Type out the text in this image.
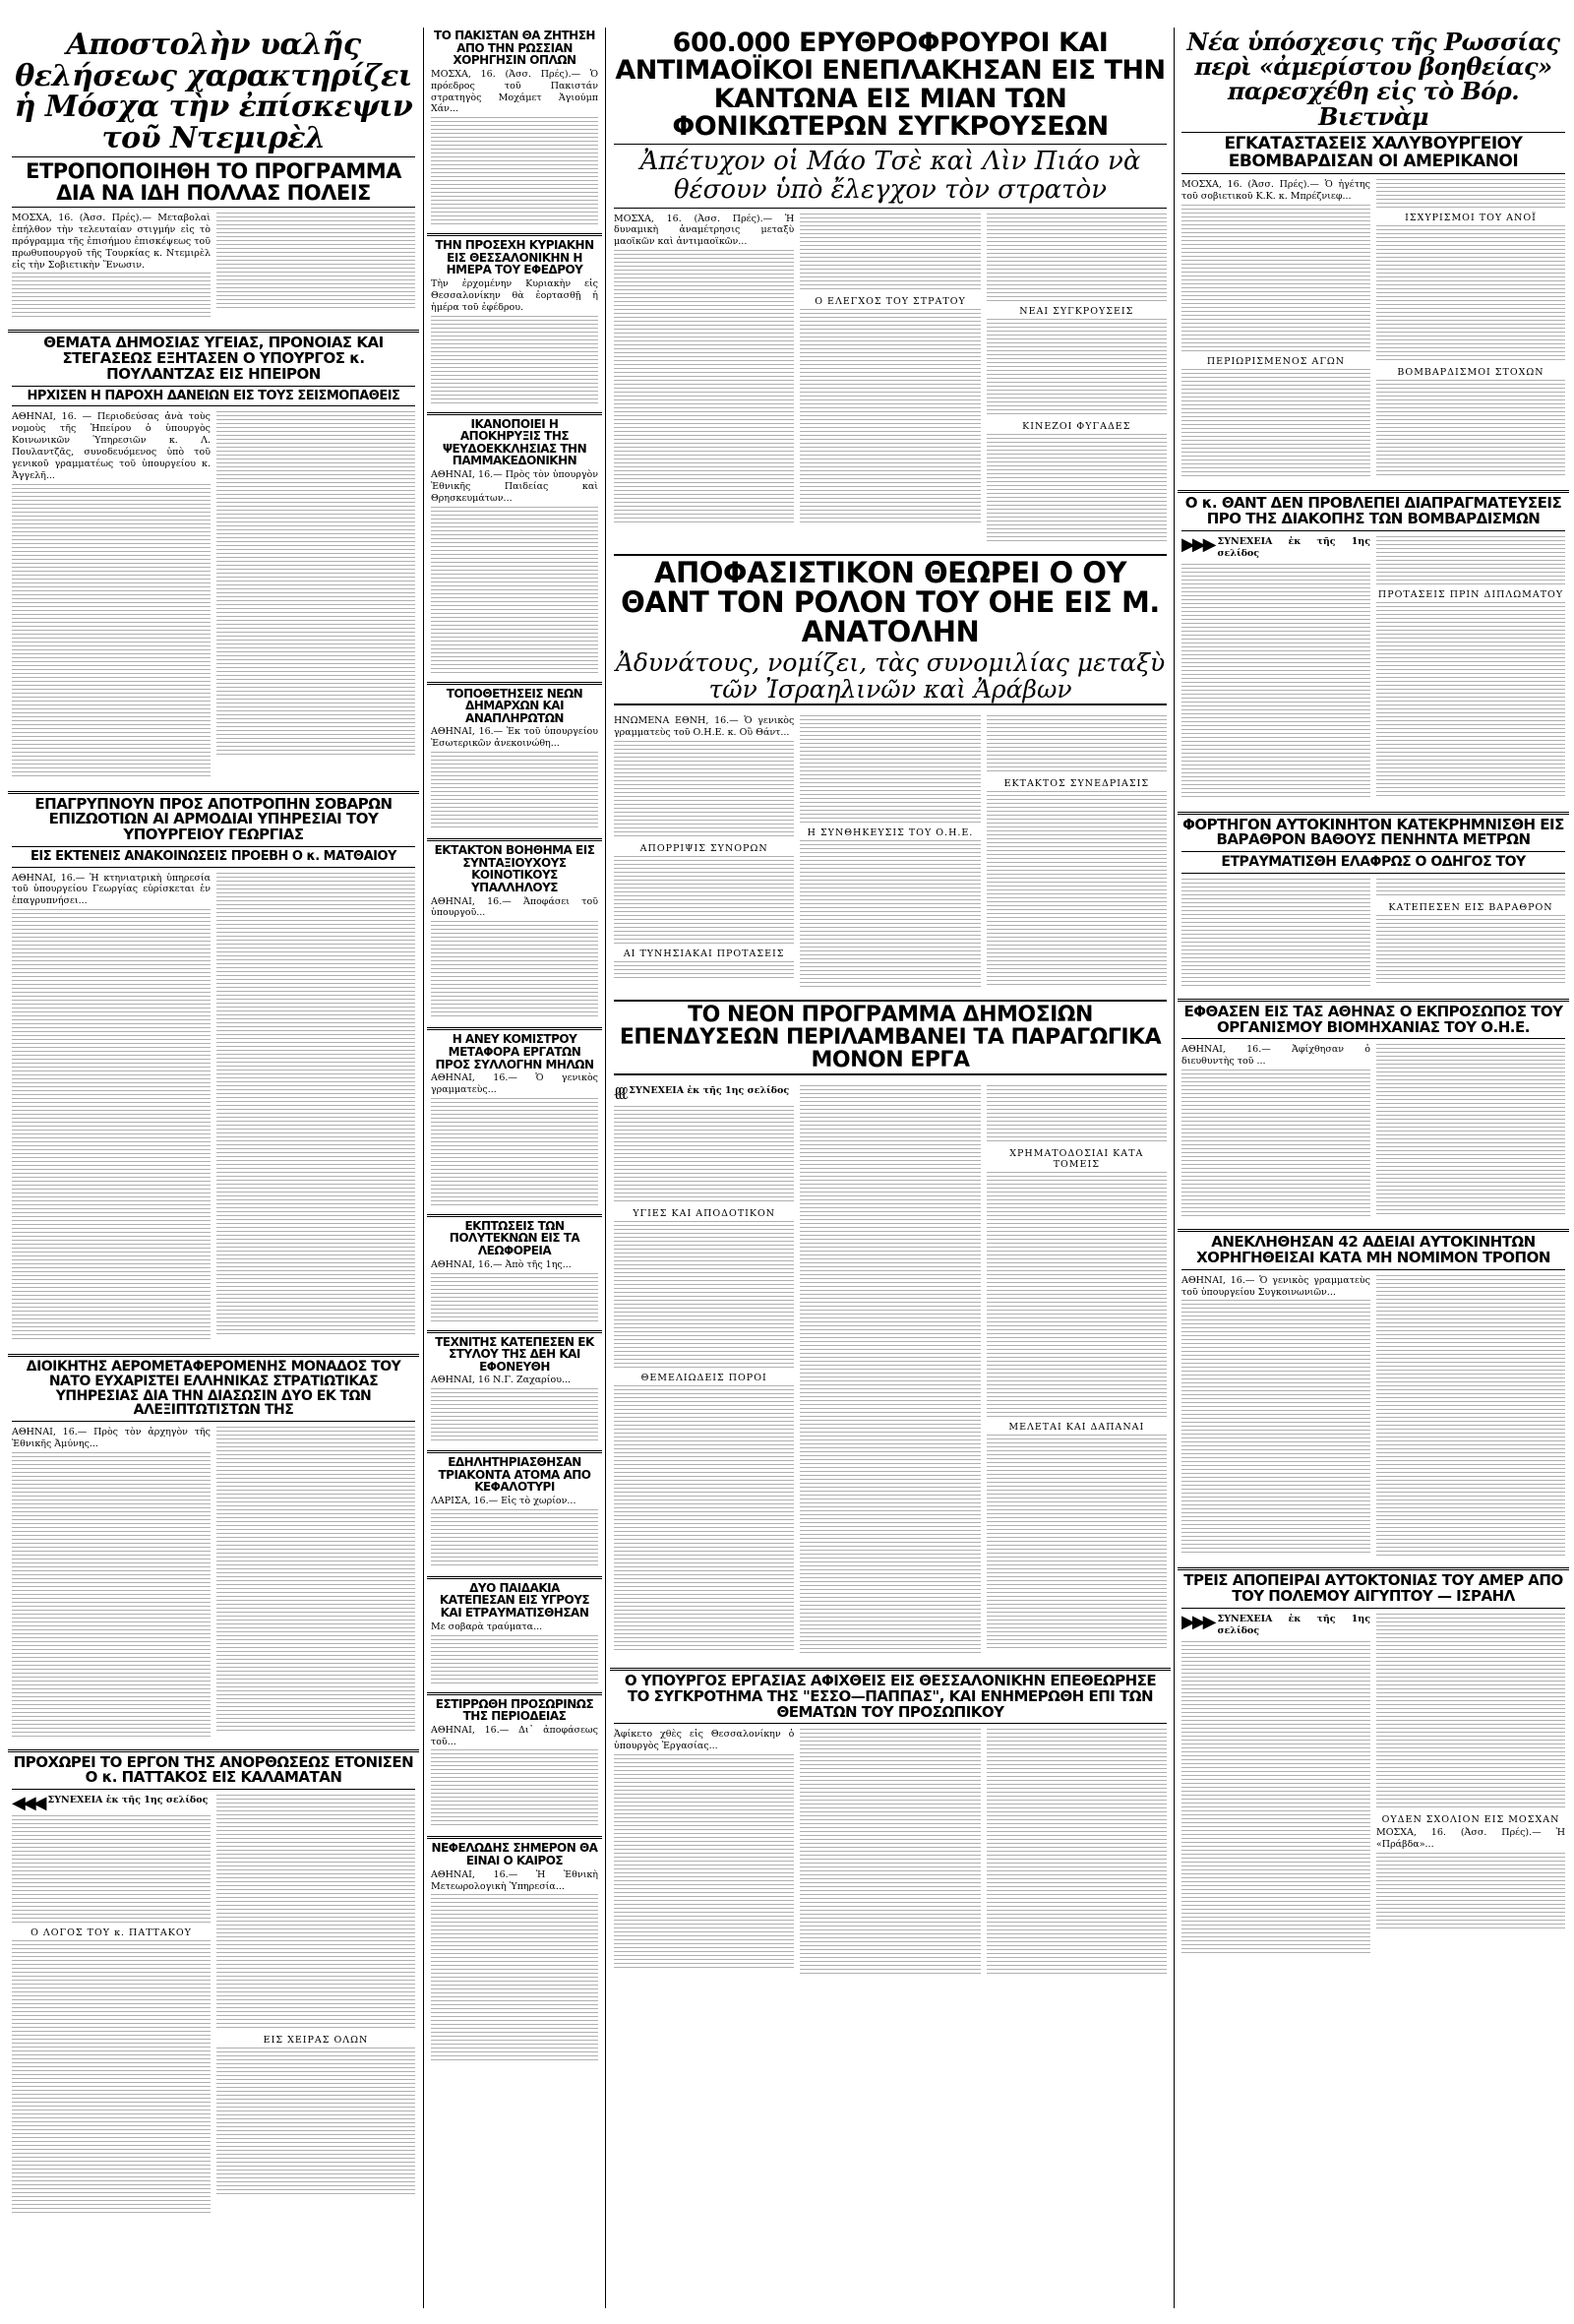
Αποστολὴν υαλῆς θελήσεως χαρακτηρίζει ἡ Μόσχα τὴν ἐπίσκεψιν τοῦ Ντεμιρὲλ
ΕΤΡΟΠΟΠΟΙΗΘΗ ΤΟ ΠΡΟΓΡΑΜΜΑ ΔΙΑ ΝΑ ΙΔΗ ΠΟΛΛΑΣ ΠΟΛΕΙΣ

ΜΟΣΧΑ, 16. (Ἀσσ. Πρές).— Μεταβολαὶ ἐπήλθον τὴν τελευταίαν στιγμήν εἰς τὸ πρόγραμμα τῆς ἐπισήμου ἐπισκέψεως τοῦ πρωθυπουργοῦ τῆς Τουρκίας κ. Ντεμιρὲλ εἰς τὴν Σοβιετικὴν Ἕνωσιν.

ΘΕΜΑΤΑ ΔΗΜΟΣΙΑΣ ΥΓΕΙΑΣ, ΠΡΟΝΟΙΑΣ ΚΑΙ ΣΤΕΓΑΣΕΩΣ ΕΞΗΤΑΣΕΝ Ο ΥΠΟΥΡΓΟΣ κ. ΠΟΥΛΑΝΤΖΑΣ ΕΙΣ ΗΠΕΙΡΟΝ
ΗΡΧΙΣΕΝ Η ΠΑΡΟΧΗ ΔΑΝΕΙΩΝ ΕΙΣ ΤΟΥΣ ΣΕΙΣΜΟΠΑΘΕΙΣ

ΑΘΗΝΑΙ, 16. — Περιοδεύσας ἀνὰ τοὺς νομοὺς τῆς Ἠπείρου ὁ ὑπουργὸς Κοινωνικῶν Ὑπηρεσιῶν κ. Λ. Πουλαντζᾶς, συνοδευόμενος ὑπὸ τοῦ γενικοῦ γραμματέως τοῦ ὑπουργείου κ. Ἀγγελῆ...

ΕΠΑΓΡΥΠΝΟΥΝ ΠΡΟΣ ΑΠΟΤΡΟΠΗΝ ΣΟΒΑΡΩΝ ΕΠΙΖΩΟΤΙΩΝ ΑΙ ΑΡΜΟΔΙΑΙ ΥΠΗΡΕΣΙΑΙ ΤΟΥ ΥΠΟΥΡΓΕΙΟΥ ΓΕΩΡΓΙΑΣ
ΕΙΣ ΕΚΤΕΝΕΙΣ ΑΝΑΚΟΙΝΩΣΕΙΣ ΠΡΟΕΒΗ Ο κ. ΜΑΤΘΑΙΟΥ

ΑΘΗΝΑΙ, 16.— Ἡ κτηνιατρικὴ ὑπηρεσία τοῦ ὑπουργείου Γεωργίας εὑρίσκεται ἐν ἐπαγρυπνήσει...

ΔΙΟΙΚΗΤΗΣ ΑΕΡΟΜΕΤΑΦΕΡΟΜΕΝΗΣ ΜΟΝΑΔΟΣ ΤΟΥ ΝΑΤΟ ΕΥΧΑΡΙΣΤΕΙ ΕΛΛΗΝΙΚΑΣ ΣΤΡΑΤΙΩΤΙΚΑΣ ΥΠΗΡΕΣΙΑΣ ΔΙΑ ΤΗΝ ΔΙΑΣΩΣΙΝ ΔΥΟ ΕΚ ΤΩΝ ΑΛΕΞΙΠΤΩΤΙΣΤΩΝ ΤΗΣ

ΑΘΗΝΑΙ, 16.— Πρὸς τὸν ἀρχηγὸν τῆς Ἐθνικῆς Ἀμύνης...

ΠΡΟΧΩΡΕΙ ΤΟ ΕΡΓΟΝ ΤΗΣ ΑΝΟΡΘΩΣΕΩΣ ΕΤΟΝΙΣΕΝ Ο κ. ΠΑΤΤΑΚΟΣ ΕΙΣ ΚΑΛΑΜΑΤΑΝ
◀◀◀ ΣΥΝΕΧΕΙΑ ἐκ τῆς 1ης σελίδος
Ο ΛΟΓΟΣ ΤΟΥ κ. ΠΑΤΤΑΚΟΥ
ΕΙΣ ΧΕΙΡΑΣ ΟΛΩΝ
ΤΟ ΠΑΚΙΣΤΑΝ ΘΑ ΖΗΤΗΣΗ ΑΠΟ ΤΗΝ ΡΩΣΣΙΑΝ ΧΟΡΗΓΗΣΙΝ ΟΠΛΩΝ

ΜΟΣΧΑ, 16. (Ἀσσ. Πρές).— Ὁ πρόεδρος τοῦ Πακιστάν στρατηγὸς Μοχάμετ Ἀγιούμπ Χάν...

ΤΗΝ ΠΡΟΣΕΧΗ ΚΥΡΙΑΚΗΝ ΕΙΣ ΘΕΣΣΑΛΟΝΙΚΗΝ Η ΗΜΕΡΑ ΤΟΥ ΕΦΕΔΡΟΥ

Τὴν ἐρχομένην Κυριακὴν εἰς Θεσσαλονίκην θὰ ἑορτασθῇ ἡ ἡμέρα τοῦ ἐφέδρου.

ΙΚΑΝΟΠΟΙΕΙ Η ΑΠΟΚΗΡΥΞΙΣ ΤΗΣ ΨΕΥΔΟΕΚΚΛΗΣΙΑΣ ΤΗΝ ΠΑΜΜΑΚΕΔΟΝΙΚΗΝ

ΑΘΗΝΑΙ, 16.— Πρὸς τὸν ὑπουργὸν Ἐθνικῆς Παιδείας καὶ Θρησκευμάτων...

ΤΟΠΟΘΕΤΗΣΕΙΣ ΝΕΩΝ ΔΗΜΑΡΧΩΝ ΚΑΙ ΑΝΑΠΛΗΡΩΤΩΝ

ΑΘΗΝΑΙ, 16.— Ἐκ τοῦ ὑπουργείου Ἐσωτερικῶν ἀνεκοινώθη...

ΕΚΤΑΚΤΟΝ ΒΟΗΘΗΜΑ ΕΙΣ ΣΥΝΤΑΞΙΟΥΧΟΥΣ ΚΟΙΝΟΤΙΚΟΥΣ ΥΠΑΛΛΗΛΟΥΣ

ΑΘΗΝΑΙ, 16.— Ἀποφάσει τοῦ ὑπουργοῦ...

Η ΑΝΕΥ ΚΟΜΙΣΤΡΟΥ ΜΕΤΑΦΟΡΑ ΕΡΓΑΤΩΝ ΠΡΟΣ ΣΥΛΛΟΓΗΝ ΜΗΛΩΝ

ΑΘΗΝΑΙ, 16.— Ὁ γενικὸς γραμματεὺς...

ΕΚΠΤΩΣΕΙΣ ΤΩΝ ΠΟΛΥΤΕΚΝΩΝ ΕΙΣ ΤΑ ΛΕΩΦΟΡΕΙΑ

ΑΘΗΝΑΙ, 16.— Ἀπὸ τῆς 1ης...

ΤΕΧΝΙΤΗΣ ΚΑΤΕΠΕΣΕΝ ΕΚ ΣΤΥΛΟΥ ΤΗΣ ΔΕΗ ΚΑΙ ΕΦΟΝΕΥΘΗ

ΑΘΗΝΑΙ, 16 Ν.Γ. Ζαχαρίου...

ΕΔΗΛΗΤΗΡΙΑΣΘΗΣΑΝ ΤΡΙΑΚΟΝΤΑ ΑΤΟΜΑ ΑΠΟ ΚΕΦΑΛΟΤΥΡΙ

ΛΑΡΙΣΑ, 16.— Εἰς τὸ χωρίον...

ΔΥΟ ΠΑΙΔΑΚΙΑ ΚΑΤΕΠΕΣΑΝ ΕΙΣ ΥΓΡΟΥΣ ΚΑΙ ΕΤΡΑΥΜΑΤΙΣΘΗΣΑΝ

Με σοβαρὰ τραύματα...

ΕΣΤΙΡΡΩΘΗ ΠΡΟΣΩΡΙΝΩΣ ΤΗΣ ΠΕΡΙΟΔΕΙΑΣ

ΑΘΗΝΑΙ, 16.— Δι᾽ ἀποφάσεως τοῦ...

ΝΕΦΕΛΩΔΗΣ ΣΗΜΕΡΟΝ ΘΑ ΕΙΝΑΙ Ο ΚΑΙΡΟΣ

ΑΘΗΝΑΙ, 16.— Ἡ Ἐθνικὴ Μετεωρολογικὴ Ὑπηρεσία...

600.000 ΕΡΥΘΡΟΦΡΟΥΡΟΙ ΚΑΙ ΑΝΤΙΜΑΟΪΚΟΙ ΕΝΕΠΛΑΚΗΣΑΝ ΕΙΣ ΤΗΝ ΚΑΝΤΩΝΑ ΕΙΣ ΜΙΑΝ ΤΩΝ ΦΟΝΙΚΩΤΕΡΩΝ ΣΥΓΚΡΟΥΣΕΩΝ
Ἀπέτυχον οἱ Μάο Τσὲ καὶ Λὶν Πιάο νὰ θέσουν ὑπὸ ἔλεγχον τὸν στρατὸν

ΜΟΣΧΑ, 16. (Ἀσσ. Πρές).— Ἡ δυναμικὴ ἀναμέτρησις μεταξὺ μαοϊκῶν καὶ ἀντιμαοϊκῶν...

Ο ΕΛΕΓΧΟΣ ΤΟΥ ΣΤΡΑΤΟΥ
ΝΕΑΙ ΣΥΓΚΡΟΥΣΕΙΣ
ΚΙΝΕΖΟΙ ΦΥΓΑΔΕΣ
ΑΠΟΦΑΣΙΣΤΙΚΟΝ ΘΕΩΡΕΙ Ο ΟΥ ΘΑΝΤ ΤΟΝ ΡΟΛΟΝ ΤΟΥ ΟΗΕ ΕΙΣ Μ. ΑΝΑΤΟΛΗΝ
Ἀδυνάτους, νομίζει, τὰς συνομιλίας μεταξὺ τῶν Ἰσραηλινῶν καὶ Ἀράβων

ΗΝΩΜΕΝΑ ΕΘΝΗ, 16.— Ὁ γενικὸς γραμματεὺς τοῦ Ο.Η.Ε. κ. Οὒ Θάντ...

ΑΠΟΡΡΙΨΙΣ ΣΥΝΟΡΩΝ
ΑΙ ΤΥΝΗΣΙΑΚΑΙ ΠΡΟΤΑΣΕΙΣ
Η ΣΥΝΘΗΚΕΥΣΙΣ ΤΟΥ Ο.Η.Ε.
ΕΚΤΑΚΤΟΣ ΣΥΝΕΔΡΙΑΣΙΣ
ΤΟ ΝΕΟΝ ΠΡΟΓΡΑΜΜΑ ΔΗΜΟΣΙΩΝ ΕΠΕΝΔΥΣΕΩΝ ΠΕΡΙΛΑΜΒΑΝΕΙ ΤΑ ΠΑΡΑΓΩΓΙΚΑ ΜΟΝΟΝ ΕΡΓΑ
ℓℓℓ ΣΥΝΕΧΕΙΑ ἐκ τῆς 1ης σελίδος
ΥΓΙΕΣ ΚΑΙ ΑΠΟΔΟΤΙΚΟΝ
ΘΕΜΕΛΙΩΔΕΙΣ ΠΟΡΟΙ
ΧΡΗΜΑΤΟΔΟΣΙΑΙ ΚΑΤΑ ΤΟΜΕΙΣ
ΜΕΛΕΤΑΙ ΚΑΙ ΔΑΠΑΝΑΙ
Ο ΥΠΟΥΡΓΟΣ ΕΡΓΑΣΙΑΣ ΑΦΙΧΘΕΙΣ ΕΙΣ ΘΕΣΣΑΛΟΝΙΚΗΝ ΕΠΕΘΕΩΡΗΣΕ ΤΟ ΣΥΓΚΡΟΤΗΜΑ ΤΗΣ "ΕΣΣΟ—ΠΑΠΠΑΣ", ΚΑΙ ΕΝΗΜΕΡΩΘΗ ΕΠΙ ΤΩΝ ΘΕΜΑΤΩΝ ΤΟΥ ΠΡΟΣΩΠΙΚΟΥ

Ἀφίκετο χθὲς εἰς Θεσσαλονίκην ὁ ὑπουργὸς Ἐργασίας...

Νέα ὑπόσχεσις τῆς Ρωσσίας περὶ «ἀμερίστου βοηθείας» παρεσχέθη εἰς τὸ Βόρ. Βιετνὰμ
ΕΓΚΑΤΑΣΤΑΣΕΙΣ ΧΑΛΥΒΟΥΡΓΕΙΟΥ ΕΒΟΜΒΑΡΔΙΣΑΝ ΟΙ ΑΜΕΡΙΚΑΝΟΙ

ΜΟΣΧΑ, 16. (Ἀσσ. Πρές).— Ὁ ἡγέτης τοῦ σοβιετικοῦ Κ.Κ. κ. Μπρέζνιεφ...

ΠΕΡΙΩΡΙΣΜΕΝΟΣ ΑΓΩΝ
ΙΣΧΥΡΙΣΜΟΙ ΤΟΥ ΑΝΟΪ
ΒΟΜΒΑΡΔΙΣΜΟΙ ΣΤΟΧΩΝ
Ο κ. ΘΑΝΤ ΔΕΝ ΠΡΟΒΛΕΠΕΙ ΔΙΑΠΡΑΓΜΑΤΕΥΣΕΙΣ ΠΡΟ ΤΗΣ ΔΙΑΚΟΠΗΣ ΤΩΝ ΒΟΜΒΑΡΔΙΣΜΩΝ
▶▶▶ ΣΥΝΕΧΕΙΑ ἐκ τῆς 1ης σελίδος
ΠΡΟΤΑΣΕΙΣ ΠΡΙΝ ΔΙΠΛΩΜΑΤΟΥ
ΦΟΡΤΗΓΟΝ ΑΥΤΟΚΙΝΗΤΟΝ ΚΑΤΕΚΡΗΜΝΙΣΘΗ ΕΙΣ ΒΑΡΑΘΡΟΝ ΒΑΘΟΥΣ ΠΕΝΗΝΤΑ ΜΕΤΡΩΝ
ΕΤΡΑΥΜΑΤΙΣΘΗ ΕΛΑΦΡΩΣ Ο ΟΔΗΓΟΣ ΤΟΥ
ΚΑΤΕΠΕΣΕΝ ΕΙΣ ΒΑΡΑΘΡΟΝ
ΕΦΘΑΣΕΝ ΕΙΣ ΤΑΣ ΑΘΗΝΑΣ Ο ΕΚΠΡΟΣΩΠΟΣ ΤΟΥ ΟΡΓΑΝΙΣΜΟΥ ΒΙΟΜΗΧΑΝΙΑΣ ΤΟΥ Ο.Η.Ε.

ΑΘΗΝΑΙ, 16.— Ἀφίχθησαν ὁ διευθυντὴς τοῦ ...

ΑΝΕΚΛΗΘΗΣΑΝ 42 ΑΔΕΙΑΙ ΑΥΤΟΚΙΝΗΤΩΝ ΧΟΡΗΓΗΘΕΙΣΑΙ ΚΑΤΑ ΜΗ ΝΟΜΙΜΟΝ ΤΡΟΠΟΝ

ΑΘΗΝΑΙ, 16.— Ὁ γενικὸς γραμματεὺς τοῦ ὑπουργείου Συγκοινωνιῶν...

ΤΡΕΙΣ ΑΠΟΠΕΙΡΑΙ ΑΥΤΟΚΤΟΝΙΑΣ ΤΟΥ ΑΜΕΡ ΑΠΟ ΤΟΥ ΠΟΛΕΜΟΥ ΑΙΓΥΠΤΟΥ — ΙΣΡΑΗΛ
▶▶▶ ΣΥΝΕΧΕΙΑ ἐκ τῆς 1ης σελίδος
ΟΥΔΕΝ ΣΧΟΛΙΟΝ ΕΙΣ ΜΟΣΧΑΝ

ΜΟΣΧΑ, 16. (Ἀσσ. Πρές).— Ἡ «Πράβδα»...
